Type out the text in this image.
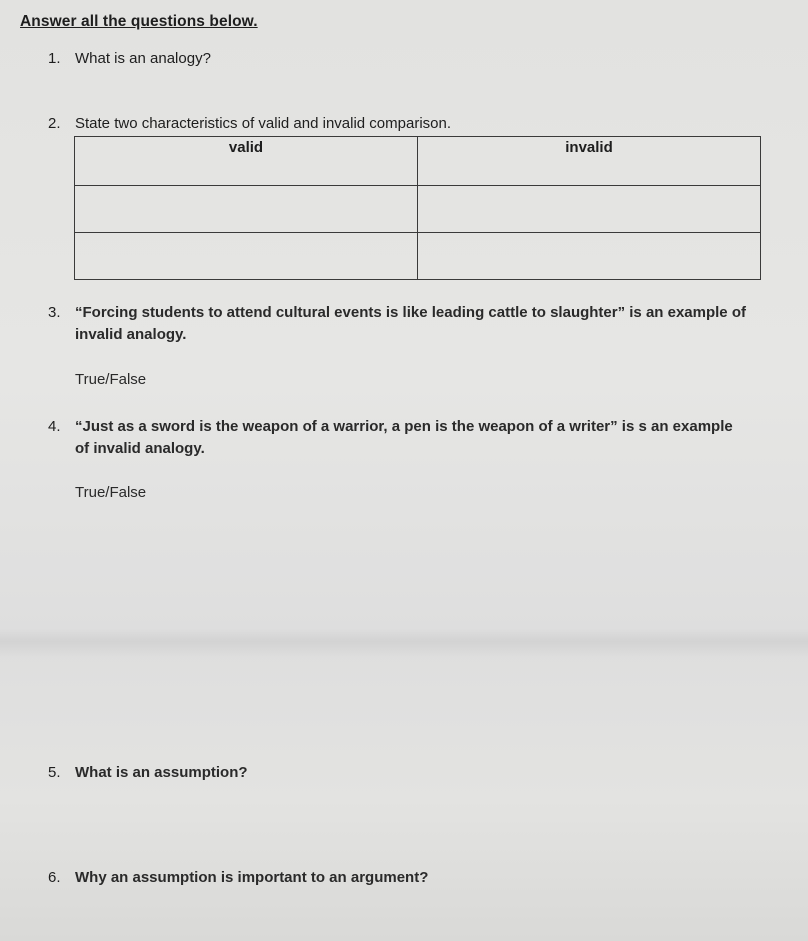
Answer all the questions below.
1. What is an analogy?
2. State two characteristics of valid and invalid comparison.
valid	invalid

3. “Forcing students to attend cultural events is like leading cattle to slaughter” is an example of
invalid analogy.
True/False
4. “Just as a sword is the weapon of a warrior, a pen is the weapon of a writer” is s an example
of invalid analogy.
True/False
5. What is an assumption?
6. Why an assumption is important to an argument?
